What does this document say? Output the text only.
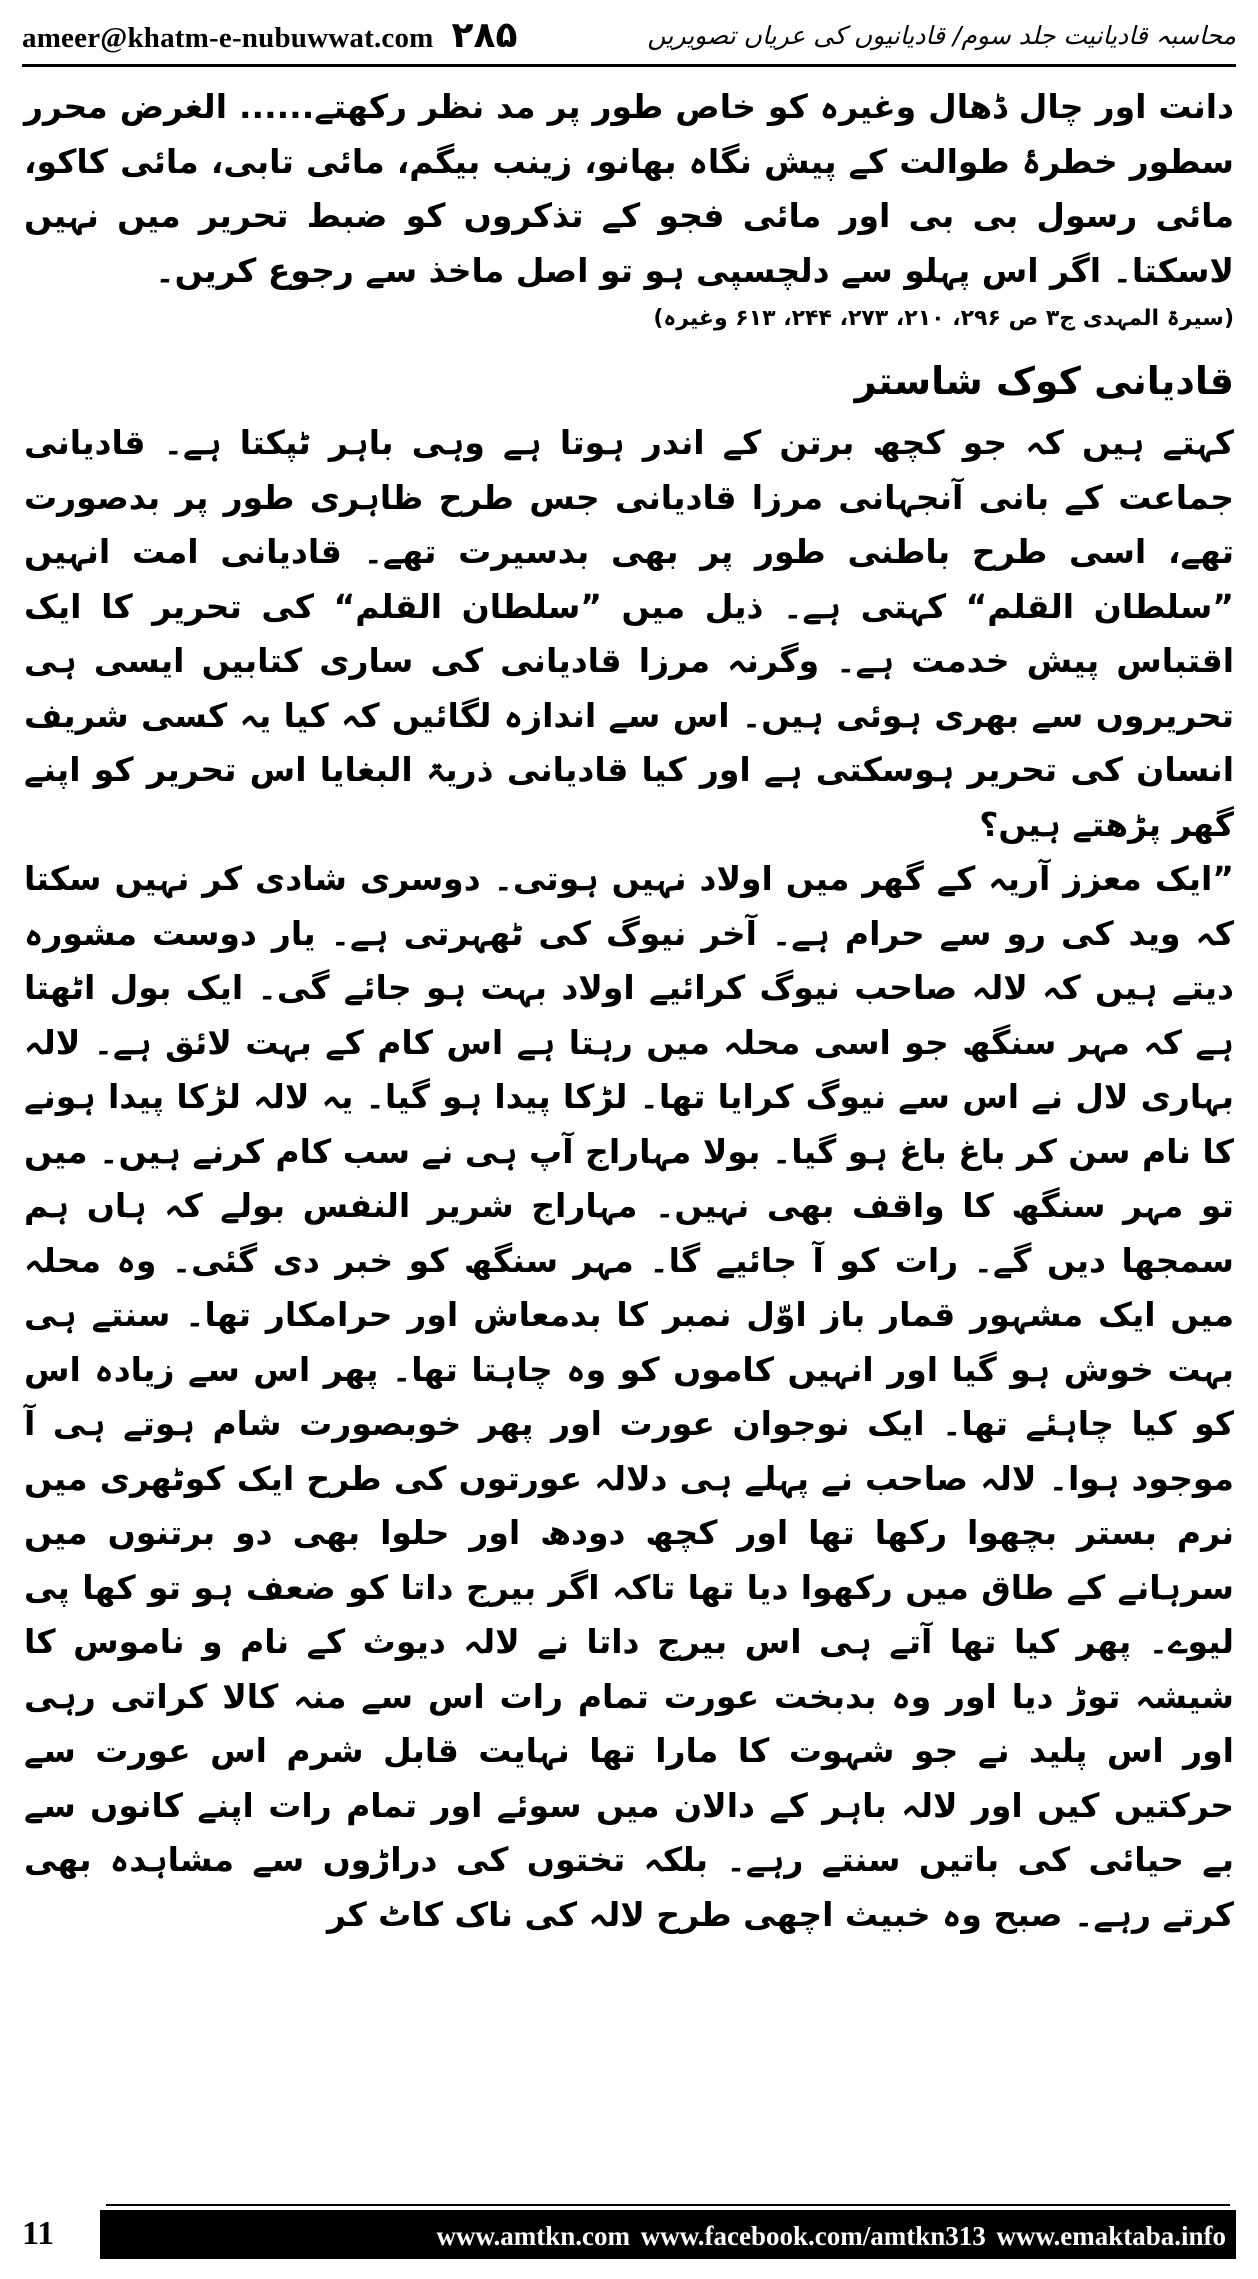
ameer@khatm-e-nubuwwat.com ۲۸۵	محاسبہ قادیانیت جلد سوم/ قادیانیوں کی عریاں تصویریں

دانت اور چال ڈھال وغیرہ کو خاص طور پر مد نظر رکھتے...... الغرض محرر سطور خطرۂ طوالت کے پیش نگاہ بھانو، زینب بیگم، مائی تابی، مائی کاکو، مائی رسول بی بی اور مائی فجو کے تذکروں کو ضبط تحریر میں نہیں لاسکتا۔ اگر اس پہلو سے دلچسپی ہو تو اصل ماخذ سے رجوع کریں۔

(سیرۃ المہدی ج۳ ص ۲۹۶، ۲۱۰، ۲۷۳، ۲۴۴، ۶۱۳ وغیرہ)

قادیانی کوک شاستر

کہتے ہیں کہ جو کچھ برتن کے اندر ہوتا ہے وہی باہر ٹپکتا ہے۔ قادیانی جماعت کے بانی آنجہانی مرزا قادیانی جس طرح ظاہری طور پر بدصورت تھے، اسی طرح باطنی طور پر بھی بدسیرت تھے۔ قادیانی امت انہیں ”سلطان القلم“ کہتی ہے۔ ذیل میں ”سلطان القلم“ کی تحریر کا ایک اقتباس پیش خدمت ہے۔ وگرنہ مرزا قادیانی کی ساری کتابیں ایسی ہی تحریروں سے بھری ہوئی ہیں۔ اس سے اندازہ لگائیں کہ کیا یہ کسی شریف انسان کی تحریر ہوسکتی ہے اور کیا قادیانی ذریۃ البغایا اس تحریر کو اپنے گھر پڑھتے ہیں؟

”ایک معزز آریہ کے گھر میں اولاد نہیں ہوتی۔ دوسری شادی کر نہیں سکتا کہ وید کی رو سے حرام ہے۔ آخر نیوگ کی ٹھہرتی ہے۔ یار دوست مشورہ دیتے ہیں کہ لالہ صاحب نیوگ کرائیے اولاد بہت ہو جائے گی۔ ایک بول اٹھتا ہے کہ مہر سنگھ جو اسی محلہ میں رہتا ہے اس کام کے بہت لائق ہے۔ لالہ بہاری لال نے اس سے نیوگ کرایا تھا۔ لڑکا پیدا ہو گیا۔ یہ لالہ لڑکا پیدا ہونے کا نام سن کر باغ باغ ہو گیا۔ بولا مہاراج آپ ہی نے سب کام کرنے ہیں۔ میں تو مہر سنگھ کا واقف بھی نہیں۔ مہاراج شریر النفس بولے کہ ہاں ہم سمجھا دیں گے۔ رات کو آ جائیے گا۔ مہر سنگھ کو خبر دی گئی۔ وہ محلہ میں ایک مشہور قمار باز اوّل نمبر کا بدمعاش اور حرامکار تھا۔ سنتے ہی بہت خوش ہو گیا اور انہیں کاموں کو وہ چاہتا تھا۔ پھر اس سے زیادہ اس کو کیا چاہئے تھا۔ ایک نوجوان عورت اور پھر خوبصورت شام ہوتے ہی آ موجود ہوا۔ لالہ صاحب نے پہلے ہی دلالہ عورتوں کی طرح ایک کوٹھری میں نرم بستر بچھوا رکھا تھا اور کچھ دودھ اور حلوا بھی دو برتنوں میں سرہانے کے طاق میں رکھوا دیا تھا تاکہ اگر بیرج داتا کو ضعف ہو تو کھا پی لیوے۔ پھر کیا تھا آتے ہی اس بیرج داتا نے لالہ دیوث کے نام و ناموس کا شیشہ توڑ دیا اور وہ بدبخت عورت تمام رات اس سے منہ کالا کراتی رہی اور اس پلید نے جو شہوت کا مارا تھا نہایت قابل شرم اس عورت سے حرکتیں کیں اور لالہ باہر کے دالان میں سوئے اور تمام رات اپنے کانوں سے بے حیائی کی باتیں سنتے رہے۔ بلکہ تختوں کی دراڑوں سے مشاہدہ بھی کرتے رہے۔ صبح وہ خبیث اچھی طرح لالہ کی ناک کاٹ کر

11	www.amtkn.com www.facebook.com/amtkn313 www.emaktaba.info
